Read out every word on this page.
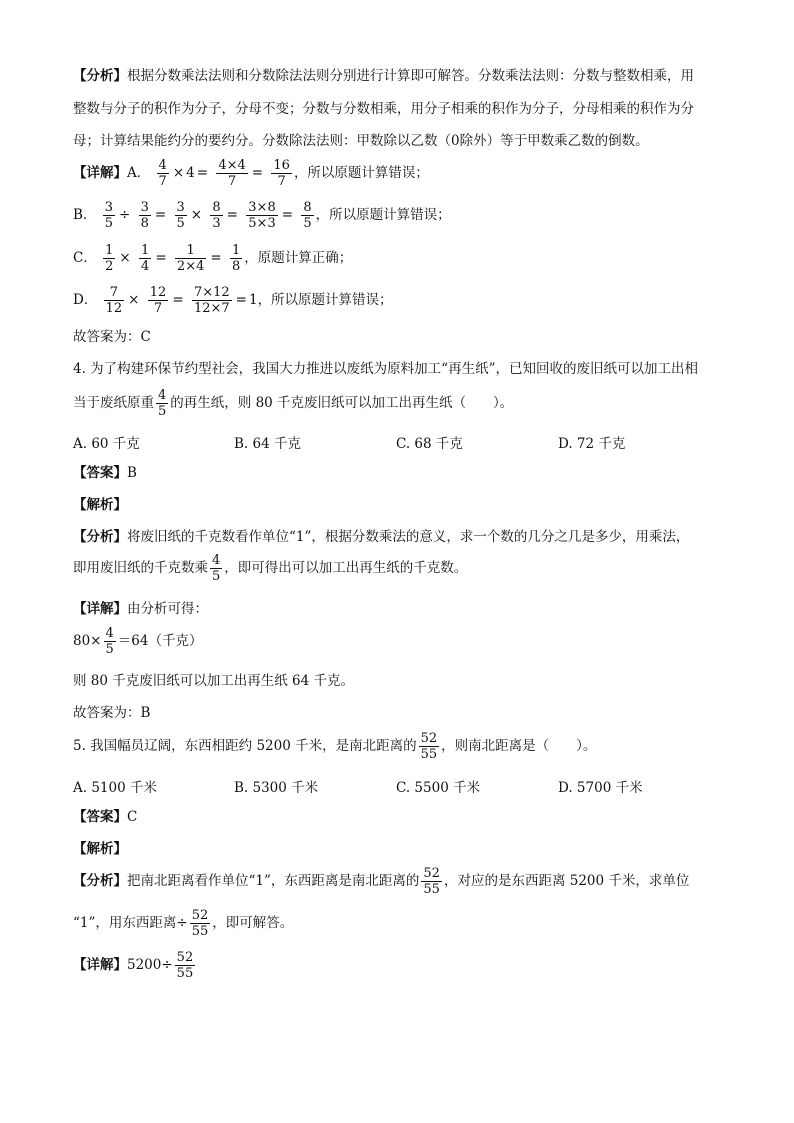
【分析】根据分数乘法法则和分数除法法则分别进行计算即可解答。分数乘法法则：分数与整数相乘，用
整数与分子的积作为分子，分母不变；分数与分数相乘，用分子相乘的积作为分子，分母相乘的积作为分
母；计算结果能约分的要约分。分数除法法则：甲数除以乙数（0除外）等于甲数乘乙数的倒数。
【详解】A． $\frac{4}{7} \times 4 = \frac{4\times 4}{7} = \frac{16}{7}$ ，所以原题计算错误；
B． $\frac{3}{5} \div \frac{3}{8} = \frac{3}{5} \times \frac{8}{3} = \frac{3\times 8}{5\times 3} = \frac{8}{5}$ ，所以原题计算错误；
C． $\frac{1}{2} \times \frac{1}{4} = \frac{1}{2\times 4} = \frac{1}{8}$ ，原题计算正确；
D． $\frac{7}{12} \times \frac{12}{7} = \frac{7\times 12}{12\times 7} = 1$，所以原题计算错误；
故答案为：C
4. 为了构建环保节约型社会，我国大力推进以废纸为原料加工“再生纸”，已知回收的废旧纸可以加工出相
当于废纸原重 $\frac{4}{5}$ 的再生纸，则 80 千克废旧纸可以加工出再生纸（　　）。
A. 60 千克	B. 64 千克	C. 68 千克	D. 72 千克
【答案】B
【解析】
【分析】将废旧纸的千克数看作单位“1”，根据分数乘法的意义，求一个数的几分之几是多少，用乘法，
即用废旧纸的千克数乘 $\frac{4}{5}$ ，即可得出可以加工出再生纸的千克数。
【详解】由分析可得：
$80\times \frac{4}{5} =64$（千克）
则 80 千克废旧纸可以加工出再生纸 64 千克。
故答案为：B
5. 我国幅员辽阔，东西相距约 5200 千米，是南北距离的 $\frac{52}{55}$ ，则南北距离是（　　）。
A. 5100 千米	B. 5300 千米	C. 5500 千米	D. 5700 千米
【答案】C
【解析】
【分析】把南北距离看作单位“1”，东西距离是南北距离的 $\frac{52}{55}$ ，对应的是东西距离 5200 千米，求单位
“1”，用东西距离÷ $\frac{52}{55}$ ，即可解答。
【详解】$5200\div \frac{52}{55}$
